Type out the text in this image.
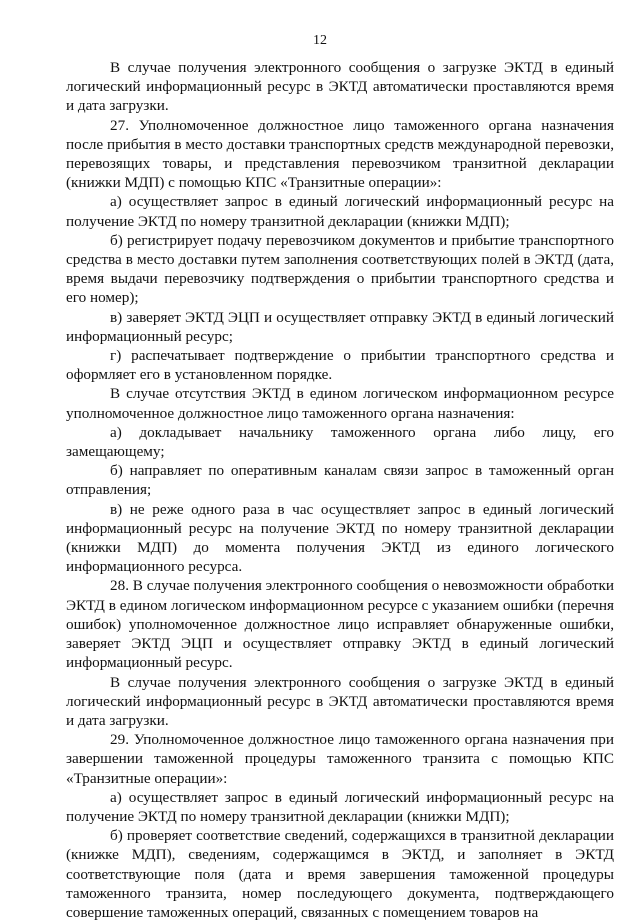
12

В случае получения электронного сообщения о загрузке ЭКТД в единый логический информационный ресурс в ЭКТД автоматически проставляются время и дата загрузки.

27. Уполномоченное должностное лицо таможенного органа назначения после прибытия в место доставки транспортных средств международной перевозки, перевозящих товары, и представления перевозчиком транзитной декларации (книжки МДП) с помощью КПС «Транзитные операции»:

а) осуществляет запрос в единый логический информационный ресурс на получение ЭКТД по номеру транзитной декларации (книжки МДП);

б) регистрирует подачу перевозчиком документов и прибытие транспортного средства в место доставки путем заполнения соответствующих полей в ЭКТД (дата, время выдачи перевозчику подтверждения о прибытии транспортного средства и его номер);

в) заверяет ЭКТД ЭЦП и осуществляет отправку ЭКТД в единый логический информационный ресурс;

г) распечатывает подтверждение о прибытии транспортного средства и оформляет его в установленном порядке.

В случае отсутствия ЭКТД в едином логическом информационном ресурсе уполномоченное должностное лицо таможенного органа назначения:

а) докладывает начальнику таможенного органа либо лицу, его замещающему;

б) направляет по оперативным каналам связи запрос в таможенный орган отправления;

в) не реже одного раза в час осуществляет запрос в единый логический информационный ресурс на получение ЭКТД по номеру транзитной декларации (книжки МДП) до момента получения ЭКТД из единого логического информационного ресурса.

28. В случае получения электронного сообщения о невозможности обработки ЭКТД в едином логическом информационном ресурсе с указанием ошибки (перечня ошибок) уполномоченное должностное лицо исправляет обнаруженные ошибки, заверяет ЭКТД ЭЦП и осуществляет отправку ЭКТД в единый логический информационный ресурс.

В случае получения электронного сообщения о загрузке ЭКТД в единый логический информационный ресурс в ЭКТД автоматически проставляются время и дата загрузки.

29. Уполномоченное должностное лицо таможенного органа назначения при завершении таможенной процедуры таможенного транзита с помощью КПС «Транзитные операции»:

а) осуществляет запрос в единый логический информационный ресурс на получение ЭКТД по номеру транзитной декларации (книжки МДП);

б) проверяет соответствие сведений, содержащихся в транзитной декларации (книжке МДП), сведениям, содержащимся в ЭКТД, и заполняет в ЭКТД соответствующие поля (дата и время завершения таможенной процедуры таможенного транзита, номер последующего документа, подтверждающего совершение таможенных операций, связанных с помещением товаров на
